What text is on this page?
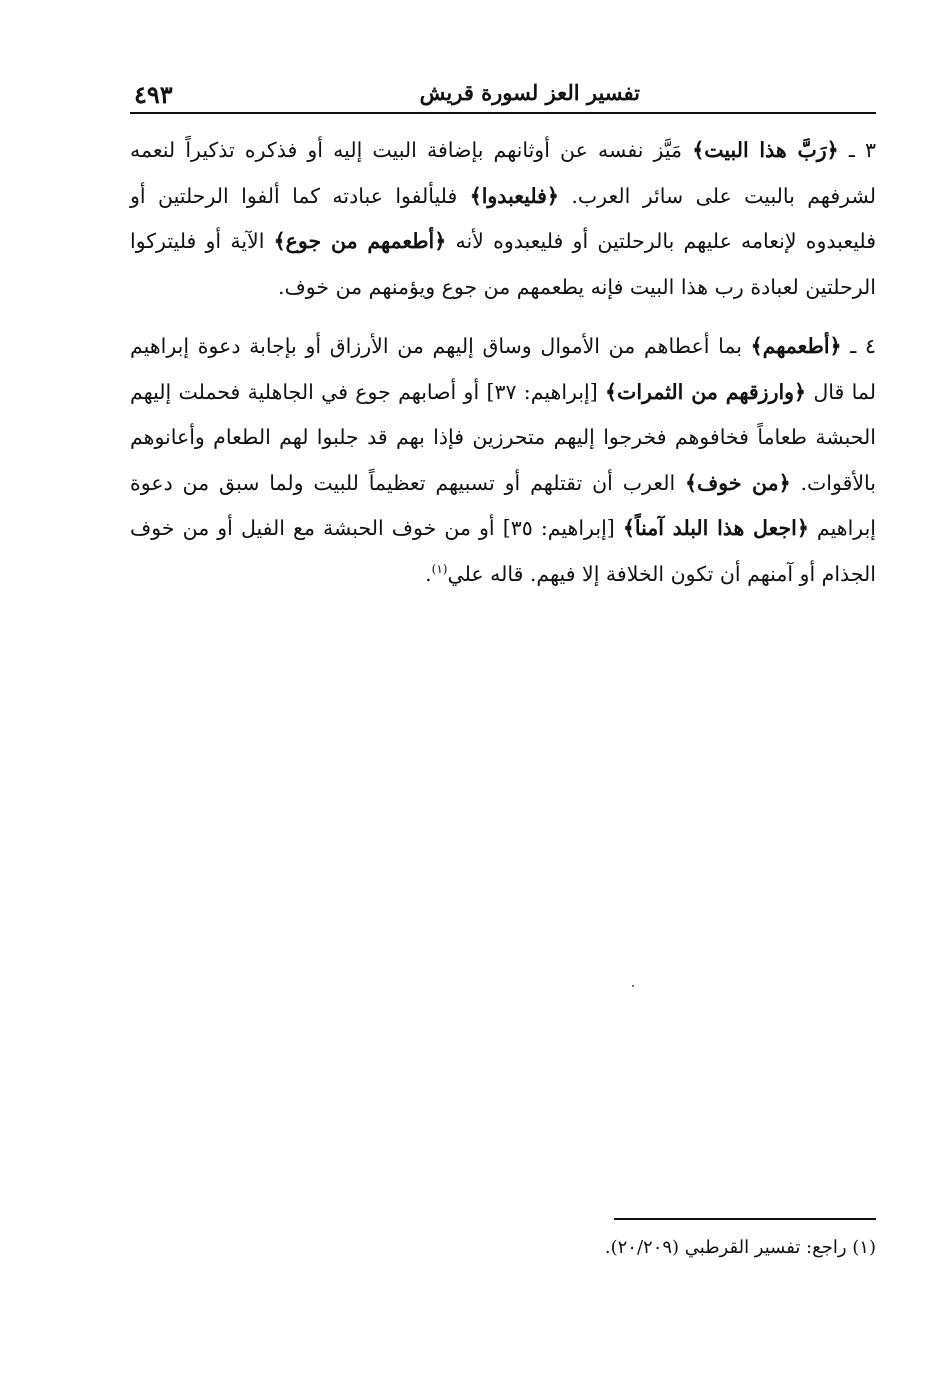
٤٩٣	تفسير العز لسورة قريش

٣ ـ ﴿رَبَّ هذا البيت﴾ مَيَّز نفسه عن أوثانهم بإضافة البيت إليه أو فذكره تذكيراً لنعمه لشرفهم بالبيت على سائر العرب. ﴿فليعبدوا﴾ فليألفوا عبادته كما ألفوا الرحلتين أو فليعبدوه لإنعامه عليهم بالرحلتين أو فليعبدوه لأنه ﴿أطعمهم من جوع﴾ الآية أو فليتركوا الرحلتين لعبادة رب هذا البيت فإنه يطعمهم من جوع ويؤمنهم من خوف.

٤ ـ ﴿أطعمهم﴾ بما أعطاهم من الأموال وساق إليهم من الأرزاق أو بإجابة دعوة إبراهيم لما قال ﴿وارزقهم من الثمرات﴾ [إبراهيم: ٣٧] أو أصابهم جوع في الجاهلية فحملت إليهم الحبشة طعاماً فخافوهم فخرجوا إليهم متحرزين فإذا بهم قد جلبوا لهم الطعام وأعانوهم بالأقوات. ﴿من خوف﴾ العرب أن تقتلهم أو تسبيهم تعظيماً للبيت ولما سبق من دعوة إبراهيم ﴿اجعل هذا البلد آمناً﴾ [إبراهيم: ٣٥] أو من خوف الحبشة مع الفيل أو من خوف الجذام أو آمنهم أن تكون الخلافة إلا فيهم. قاله علي$^{(١)}$.

(١) راجع: تفسير القرطبي (٢٠/٢٠٩).
